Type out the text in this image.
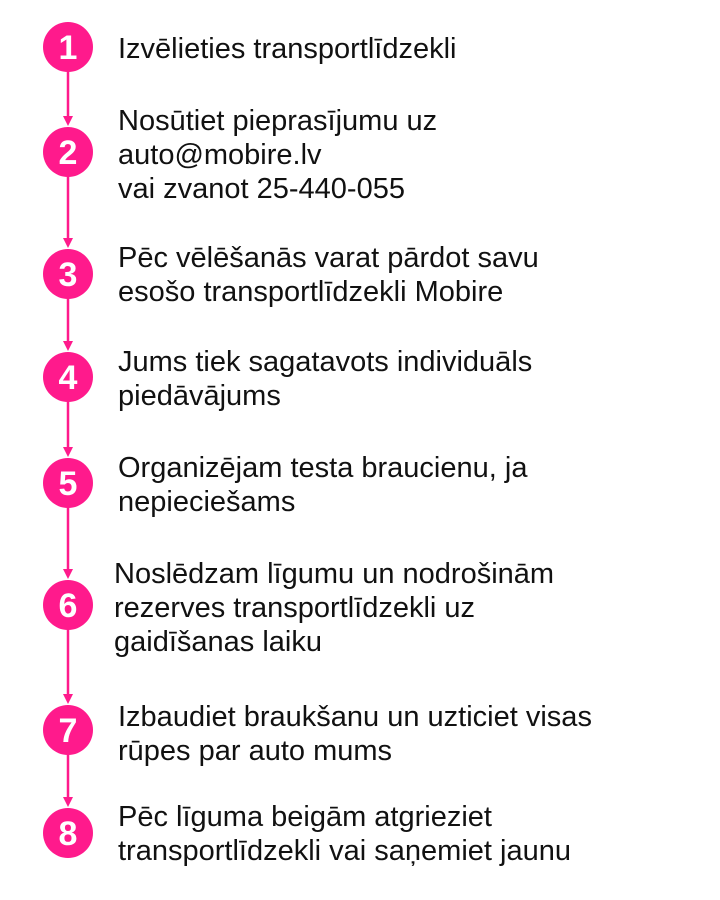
1
2
3
4
5
6
7
8
Izvēlieties transportlīdzekli
Nosūtiet pieprasījumu uz
auto@mobire.lv
vai zvanot 25-440-055
Pēc vēlēšanās varat pārdot savu
esošo transportlīdzekli Mobire
Jums tiek sagatavots individuāls
piedāvājums
Organizējam testa braucienu, ja
nepieciešams
Noslēdzam līgumu un nodrošinām
rezerves transportlīdzekli uz
gaidīšanas laiku
Izbaudiet braukšanu un uzticiet visas
rūpes par auto mums
Pēc līguma beigām atgrieziet
transportlīdzekli vai saņemiet jaunu
